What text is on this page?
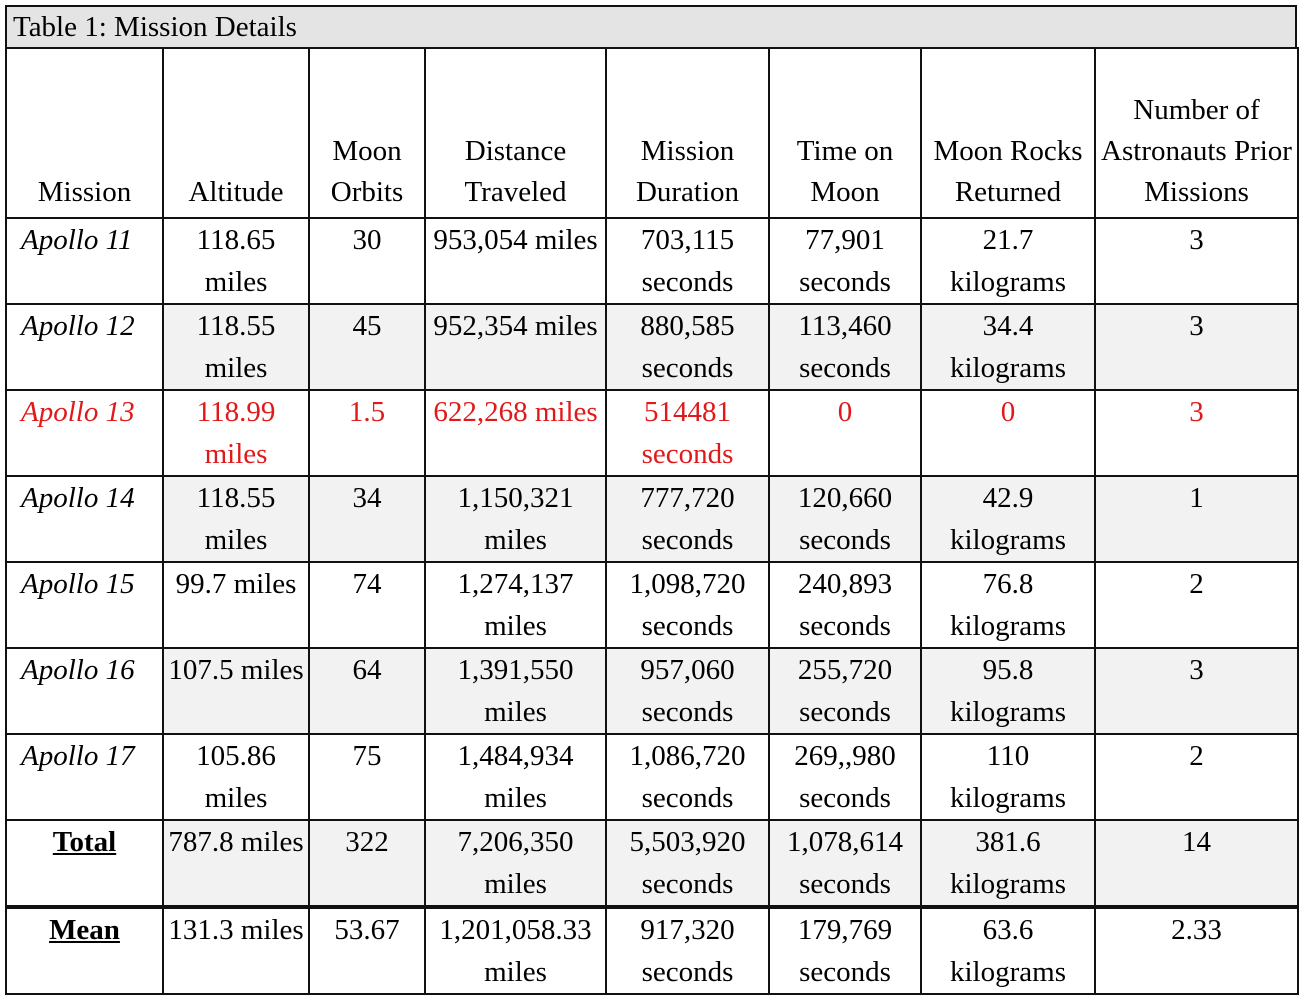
Table 1: Mission Details
Mission	Altitude	Moon Orbits	Distance Traveled	Mission Duration	Time on Moon	Moon Rocks Returned	Number of Astronauts Prior Missions
Apollo 11	118.65 miles	30	953,054 miles	703,115 seconds	77,901 seconds	21.7 kilograms	3
Apollo 12	118.55 miles	45	952,354 miles	880,585 seconds	113,460 seconds	34.4 kilograms	3
Apollo 13	118.99 miles	1.5	622,268 miles	514481 seconds	0	0	3
Apollo 14	118.55 miles	34	1,150,321 miles	777,720 seconds	120,660 seconds	42.9 kilograms	1
Apollo 15	99.7 miles	74	1,274,137 miles	1,098,720 seconds	240,893 seconds	76.8 kilograms	2
Apollo 16	107.5 miles	64	1,391,550 miles	957,060 seconds	255,720 seconds	95.8 kilograms	3
Apollo 17	105.86 miles	75	1,484,934 miles	1,086,720 seconds	269,,980 seconds	110 kilograms	2
Total	787.8 miles	322	7,206,350 miles	5,503,920 seconds	1,078,614 seconds	381.6 kilograms	14
Mean	131.3 miles	53.67	1,201,058.33 miles	917,320 seconds	179,769 seconds	63.6 kilograms	2.33
